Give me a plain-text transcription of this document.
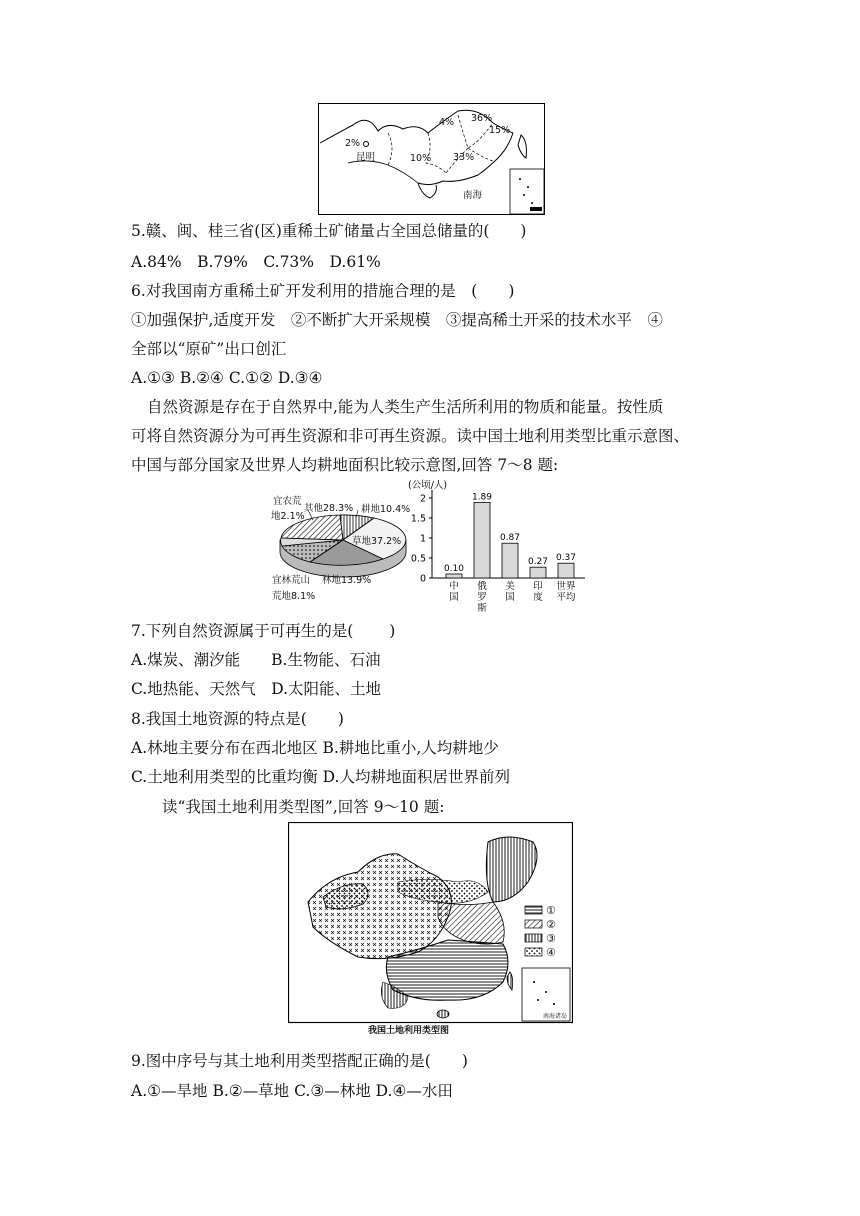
2%
昆明
4% 36%
15%
10% 33%
南海
5.赣、闽、桂三省(区)重稀土矿储量占全国总储量的(　　)
A.84%　B.79%　C.73%　D.61%
6.对我国南方重稀土矿开发利用的措施合理的是　(　　)
①加强保护,适度开发　②不断扩大开采规模　③提高稀土开采的技术水平　④
全部以“原矿”出口创汇
A.①③ B.②④ C.①② D.③④
自然资源是存在于自然界中,能为人类生产生活所利用的物质和能量。按性质
可将自然资源分为可再生资源和非可再生资源。读中国土地利用类型比重示意图、
中国与部分国家及世界人均耕地面积比较示意图,回答 7～8 题:
宜农荒
地2.1%
其他28.3% 耕地10.4%
草地37.2%
宜林荒山
荒地8.1%
林地13.9%
(公顷/人)
0
0.5
1
1.5
2
0.10
中
国
1.89
俄
罗
斯
0.87
美
国
0.27
印
度
0.37
世界
平均
7.下列自然资源属于可再生的是(　　 )
A.煤炭、潮汐能　　B.生物能、石油
C.地热能、天然气　D.太阳能、土地
8.我国土地资源的特点是(　　)
A.林地主要分布在西北地区 B.耕地比重小,人均耕地少
C.土地利用类型的比重均衡 D.人均耕地面积居世界前列
读“我国土地利用类型图”,回答 9～10 题:
①
②
③
④
南海诸岛
我国土地利用类型图
9.图中序号与其土地利用类型搭配正确的是(　　)
A.①—旱地 B.②—草地 C.③—林地 D.④—水田
